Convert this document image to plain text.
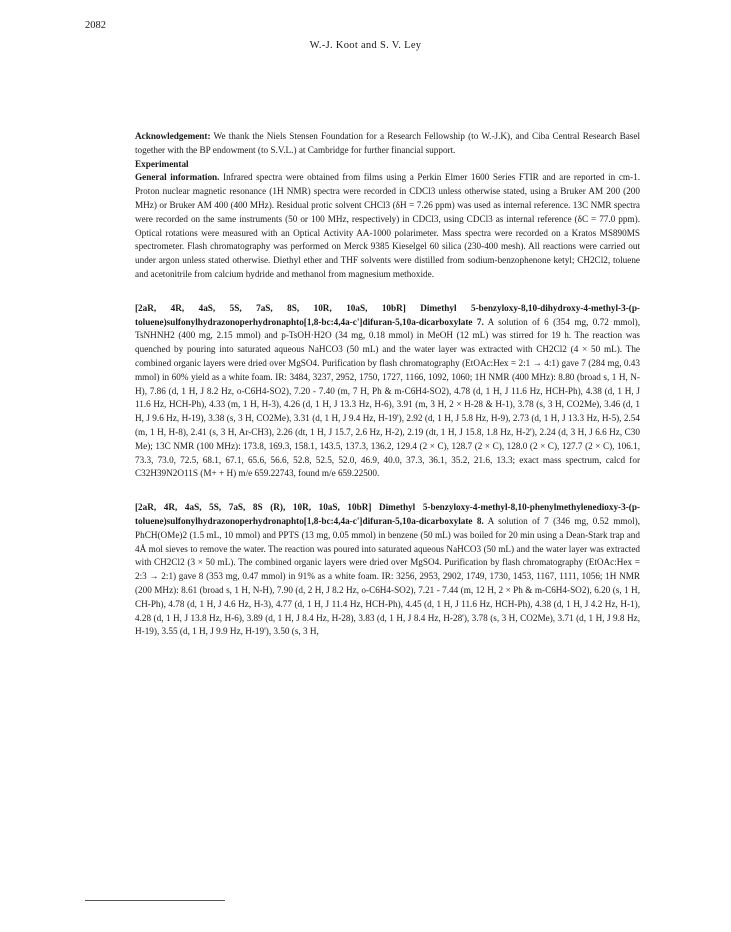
2082
W.-J. Koot and S. V. Ley

Acknowledgement: We thank the Niels Stensen Foundation for a Research Fellowship (to W.-J.K), and Ciba Central Research Basel together with the BP endowment (to S.V.L.) at Cambridge for further financial support.

Experimental

General information. Infrared spectra were obtained from films using a Perkin Elmer 1600 Series FTIR and are reported in cm-1. Proton nuclear magnetic resonance (1H NMR) spectra were recorded in CDCl3 unless otherwise stated, using a Bruker AM 200 (200 MHz) or Bruker AM 400 (400 MHz). Residual protic solvent CHCl3 (δH = 7.26 ppm) was used as internal reference. 13C NMR spectra were recorded on the same instruments (50 or 100 MHz, respectively) in CDCl3, using CDCl3 as internal reference (δC = 77.0 ppm). Optical rotations were measured with an Optical Activity AA-1000 polarimeter. Mass spectra were recorded on a Kratos MS890MS spectrometer. Flash chromatography was performed on Merck 9385 Kieselgel 60 silica (230-400 mesh). All reactions were carried out under argon unless stated otherwise. Diethyl ether and THF solvents were distilled from sodium-benzophenone ketyl; CH2Cl2, toluene and acetonitrile from calcium hydride and methanol from magnesium methoxide.

[2aR, 4R, 4aS, 5S, 7aS, 8S, 10R, 10aS, 10bR] Dimethyl 5-benzyloxy-8,10-dihydroxy-4-methyl-3-(p-toluene)sulfonylhydrazonoperhydronaphto[1,8-bc:4,4a-c']difuran-5,10a-dicarboxylate 7. A solution of 6 (354 mg, 0.72 mmol), TsNHNH2 (400 mg, 2.15 mmol) and p-TsOH·H2O (34 mg, 0.18 mmol) in MeOH (12 mL) was stirred for 19 h. The reaction was quenched by pouring into saturated aqueous NaHCO3 (50 mL) and the water layer was extracted with CH2Cl2 (4 × 50 mL). The combined organic layers were dried over MgSO4. Purification by flash chromatography (EtOAc:Hex = 2:1 → 4:1) gave 7 (284 mg, 0.43 mmol) in 60% yield as a white foam. IR: 3484, 3237, 2952, 1750, 1727, 1166, 1092, 1060; 1H NMR (400 MHz): 8.80 (broad s, 1 H, N-H), 7.86 (d, 1 H, J 8.2 Hz, o-C6H4-SO2), 7.20 - 7.40 (m, 7 H, Ph & m-C6H4-SO2), 4.78 (d, 1 H, J 11.6 Hz, HCH-Ph), 4.38 (d, 1 H, J 11.6 Hz, HCH-Ph), 4.33 (m, 1 H, H-3), 4.26 (d, 1 H, J 13.3 Hz, H-6), 3.91 (m, 3 H, 2 × H-28 & H-1), 3.78 (s, 3 H, CO2Me), 3.46 (d, 1 H, J 9.6 Hz, H-19), 3.38 (s, 3 H, CO2Me), 3.31 (d, 1 H, J 9.4 Hz, H-19'), 2.92 (d, 1 H, J 5.8 Hz, H-9), 2.73 (d, 1 H, J 13.3 Hz, H-5), 2.54 (m, 1 H, H-8), 2.41 (s, 3 H, Ar-CH3), 2.26 (dt, 1 H, J 15.7, 2.6 Hz, H-2), 2.19 (dt, 1 H, J 15.8, 1.8 Hz, H-2'), 2.24 (d, 3 H, J 6.6 Hz, C30 Me); 13C NMR (100 MHz): 173.8, 169.3, 158.1, 143.5, 137.3, 136.2, 129.4 (2 × C), 128.7 (2 × C), 128.0 (2 × C), 127.7 (2 × C), 106.1, 73.3, 73.0, 72.5, 68.1, 67.1, 65.6, 56.6, 52.8, 52.5, 52.0, 46.9, 40.0, 37.3, 36.1, 35.2, 21.6, 13.3; exact mass spectrum, calcd for C32H39N2O11S (M+ + H) m/e 659.22743, found m/e 659.22500.

[2aR, 4R, 4aS, 5S, 7aS, 8S (R), 10R, 10aS, 10bR] Dimethyl 5-benzyloxy-4-methyl-8,10-phenylmethylenedioxy-3-(p-toluene)sulfonylhydrazonoperhydronaphto[1,8-bc:4,4a-c']difuran-5,10a-dicarboxylate 8. A solution of 7 (346 mg, 0.52 mmol), PhCH(OMe)2 (1.5 mL, 10 mmol) and PPTS (13 mg, 0.05 mmol) in benzene (50 mL) was boiled for 20 min using a Dean-Stark trap and 4Å mol sieves to remove the water. The reaction was poured into saturated aqueous NaHCO3 (50 mL) and the water layer was extracted with CH2Cl2 (3 × 50 mL). The combined organic layers were dried over MgSO4. Purification by flash chromatography (EtOAc:Hex = 2:3 → 2:1) gave 8 (353 mg, 0.47 mmol) in 91% as a white foam. IR: 3256, 2953, 2902, 1749, 1730, 1453, 1167, 1111, 1056; 1H NMR (200 MHz): 8.61 (broad s, 1 H, N-H), 7.90 (d, 2 H, J 8.2 Hz, o-C6H4-SO2), 7.21 - 7.44 (m, 12 H, 2 × Ph & m-C6H4-SO2), 6.20 (s, 1 H, CH-Ph), 4.78 (d, 1 H, J 4.6 Hz, H-3), 4.77 (d, 1 H, J 11.4 Hz, HCH-Ph), 4.45 (d, 1 H, J 11.6 Hz, HCH-Ph), 4.38 (d, 1 H, J 4.2 Hz, H-1), 4.28 (d, 1 H, J 13.8 Hz, H-6), 3.89 (d, 1 H, J 8.4 Hz, H-28), 3.83 (d, 1 H, J 8.4 Hz, H-28'), 3.78 (s, 3 H, CO2Me), 3.71 (d, 1 H, J 9.8 Hz, H-19), 3.55 (d, 1 H, J 9.9 Hz, H-19'), 3.50 (s, 3 H,
